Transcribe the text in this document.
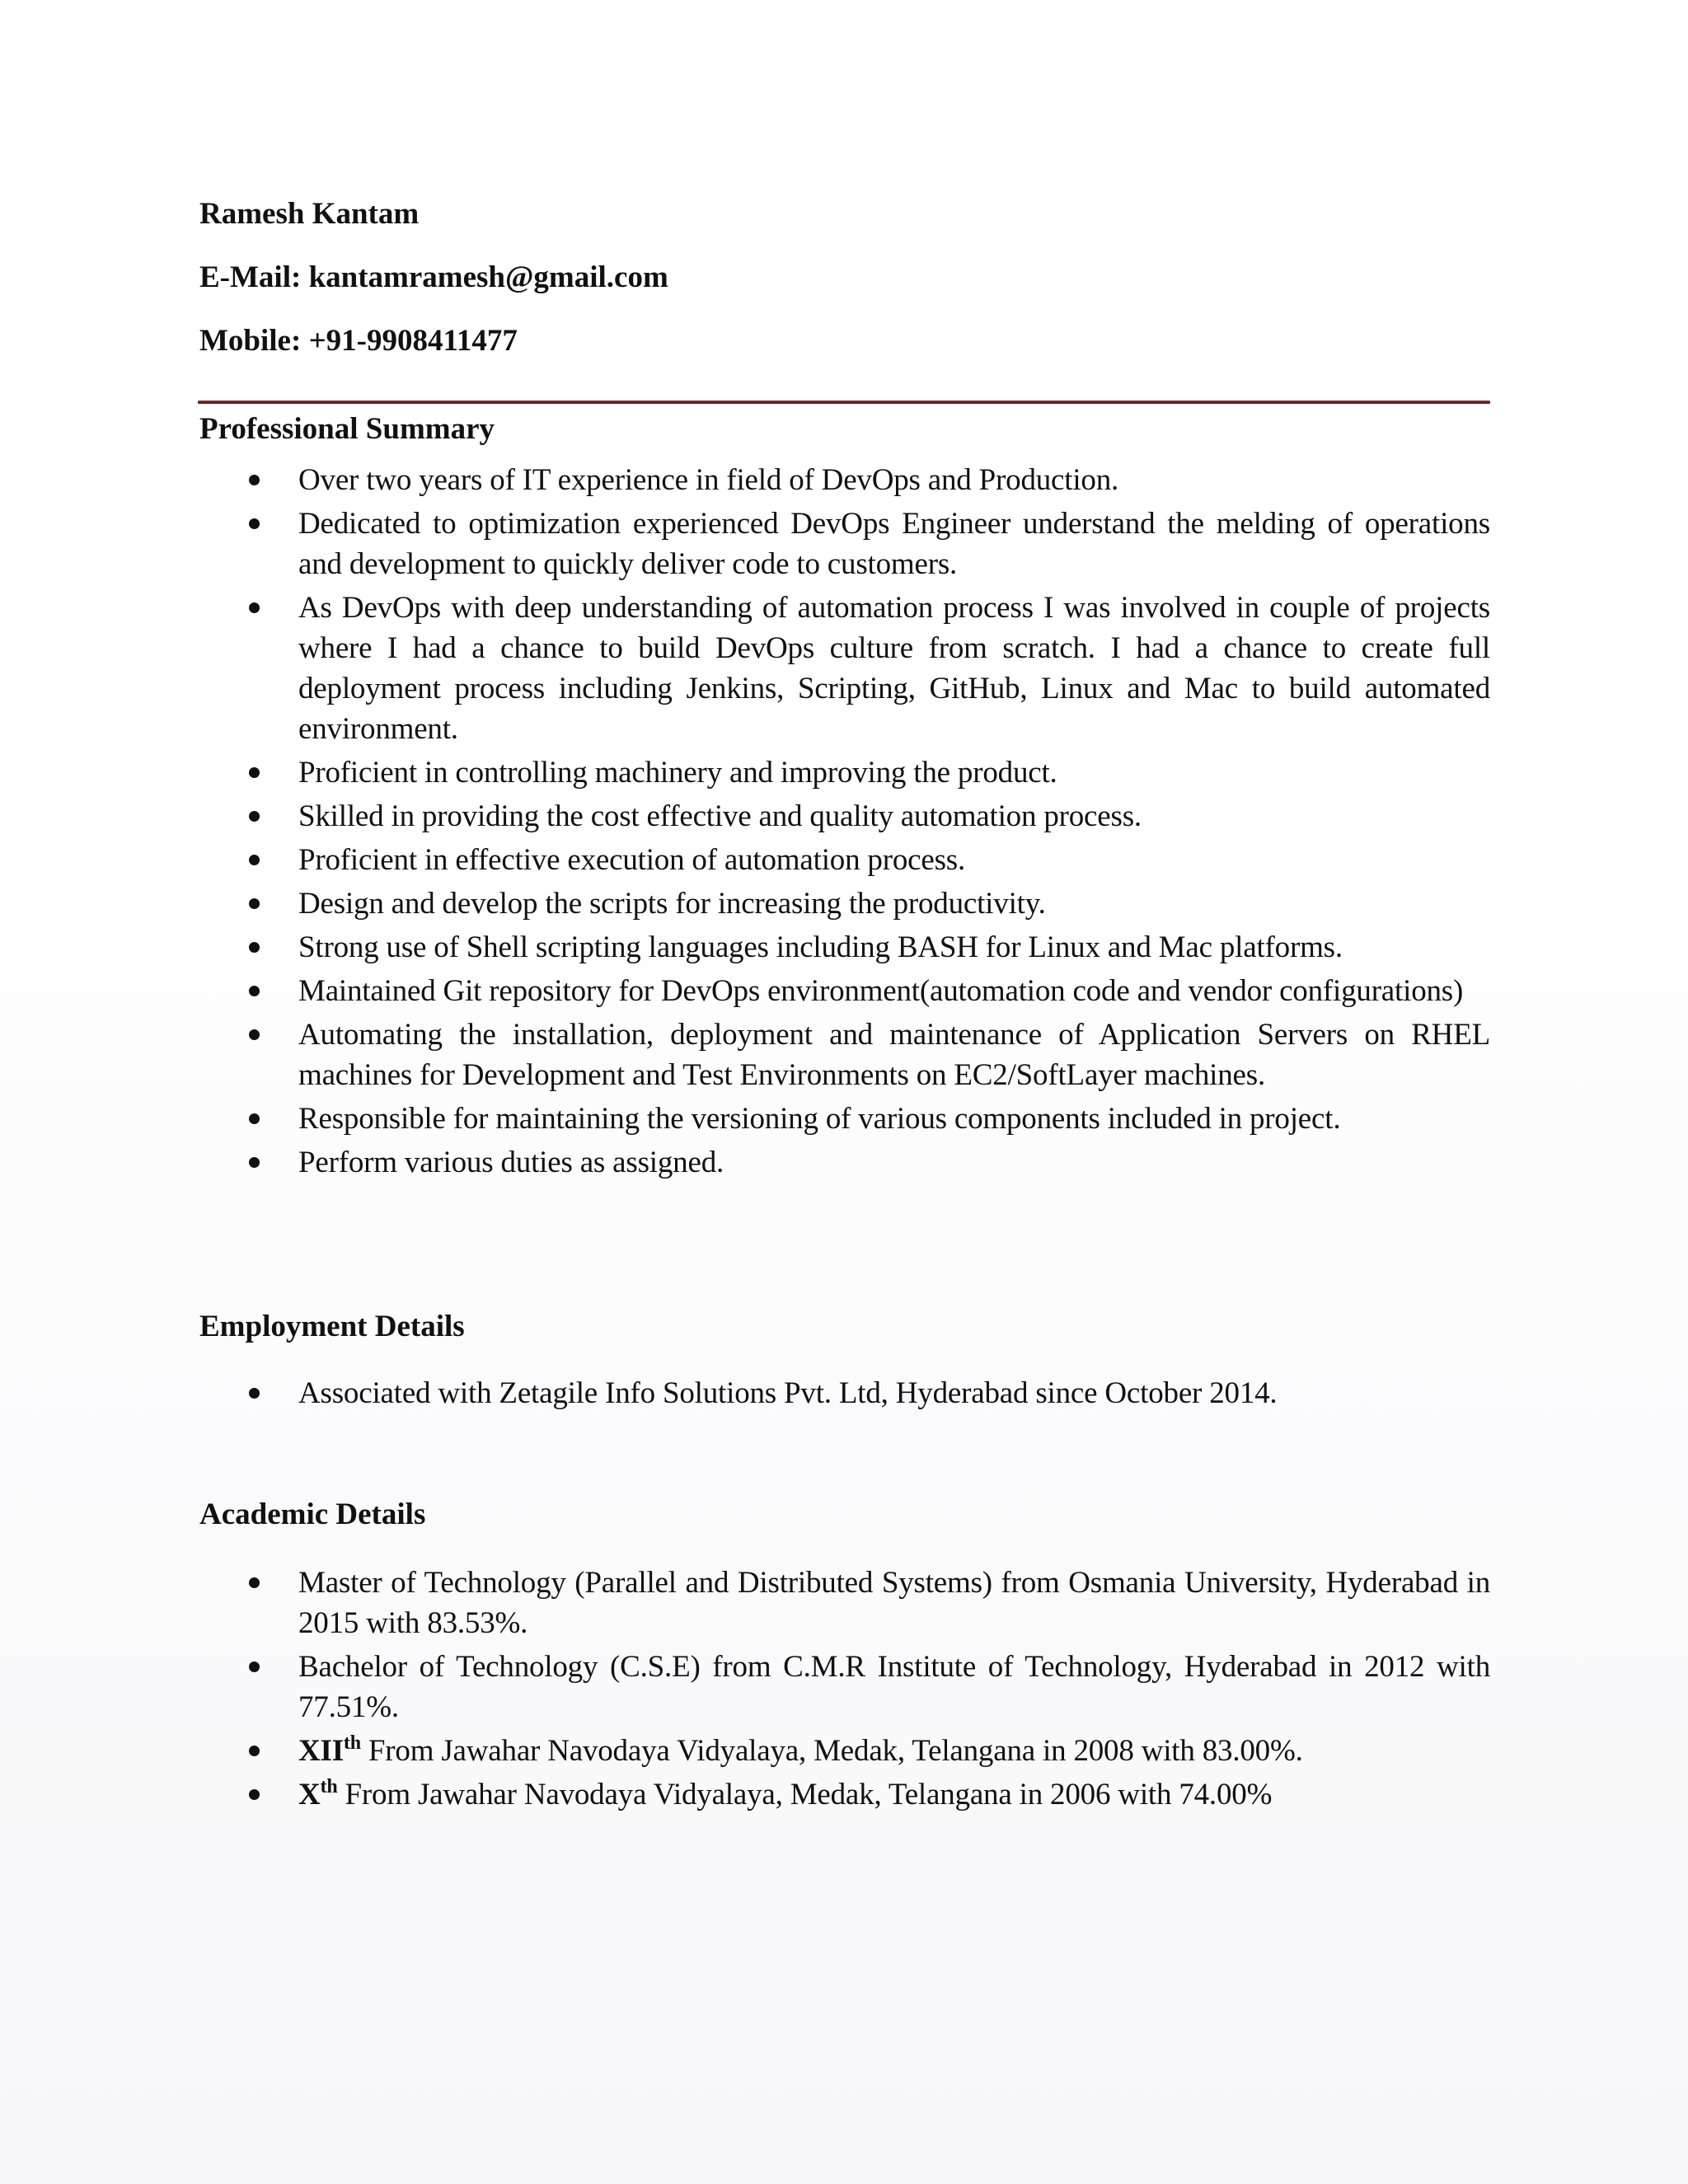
Ramesh Kantam
E-Mail: kantamramesh@gmail.com
Mobile: +91-9908411477
Professional Summary
Over two years of IT experience in field of DevOps and Production.
Dedicated to optimization experienced DevOps Engineer understand the melding of operations and development to quickly deliver code to customers.
As DevOps with deep understanding of automation process I was involved in couple of projects where I had a chance to build DevOps culture from scratch. I had a chance to create full deployment process including Jenkins, Scripting, GitHub, Linux and Mac to build automated environment.
Proficient in controlling machinery and improving the product.
Skilled in providing the cost effective and quality automation process.
Proficient in effective execution of automation process.
Design and develop the scripts for increasing the productivity.
Strong use of Shell scripting languages including BASH for Linux and Mac platforms.
Maintained Git repository for DevOps environment(automation code and vendor configurations)
Automating the installation, deployment and maintenance of Application Servers on RHEL machines for Development and Test Environments on EC2/SoftLayer machines.
Responsible for maintaining the versioning of various components included in project.
Perform various duties as assigned.
Employment Details
Associated with Zetagile Info Solutions Pvt. Ltd, Hyderabad since October 2014.
Academic Details
Master of Technology (Parallel and Distributed Systems) from Osmania University, Hyderabad in 2015 with 83.53%.
Bachelor of Technology (C.S.E) from C.M.R Institute of Technology, Hyderabad in 2012 with 77.51%.
XIIth From Jawahar Navodaya Vidyalaya, Medak, Telangana in 2008 with 83.00%.
Xth From Jawahar Navodaya Vidyalaya, Medak, Telangana in 2006 with 74.00%
